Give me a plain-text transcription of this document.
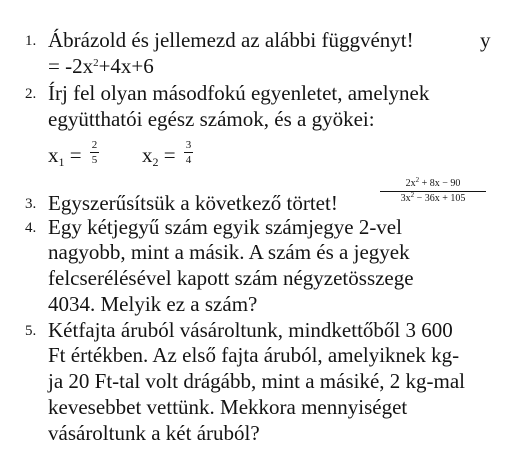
1. Ábrázold és jellemezd az alábbi függvényt!	y
= $-2x^2+4x+6$
2. Írj fel olyan másodfokú egyenletet, amelynek
együtthatói egész számok, és a gyökei:
$x_1 = 2$
5 $x_2 = 3$
4
3. Egyszerűsítsük a következő törtet!
$2x^2 + 8x - 90$
$3x^2 - 36x + 105$
4. Egy kétjegyű szám egyik számjegye 2-vel
nagyobb, mint a másik. A szám és a jegyek
felcserélésével kapott szám négyzetösszege
4034. Melyik ez a szám?
5. Kétfajta áruból vásároltunk, mindkettőből 3 600
Ft értékben. Az első fajta áruból, amelyiknek kg-
ja 20 Ft-tal volt drágább, mint a másiké, 2 kg-mal
kevesebbet vettünk. Mekkora mennyiséget
vásároltunk a két áruból?
